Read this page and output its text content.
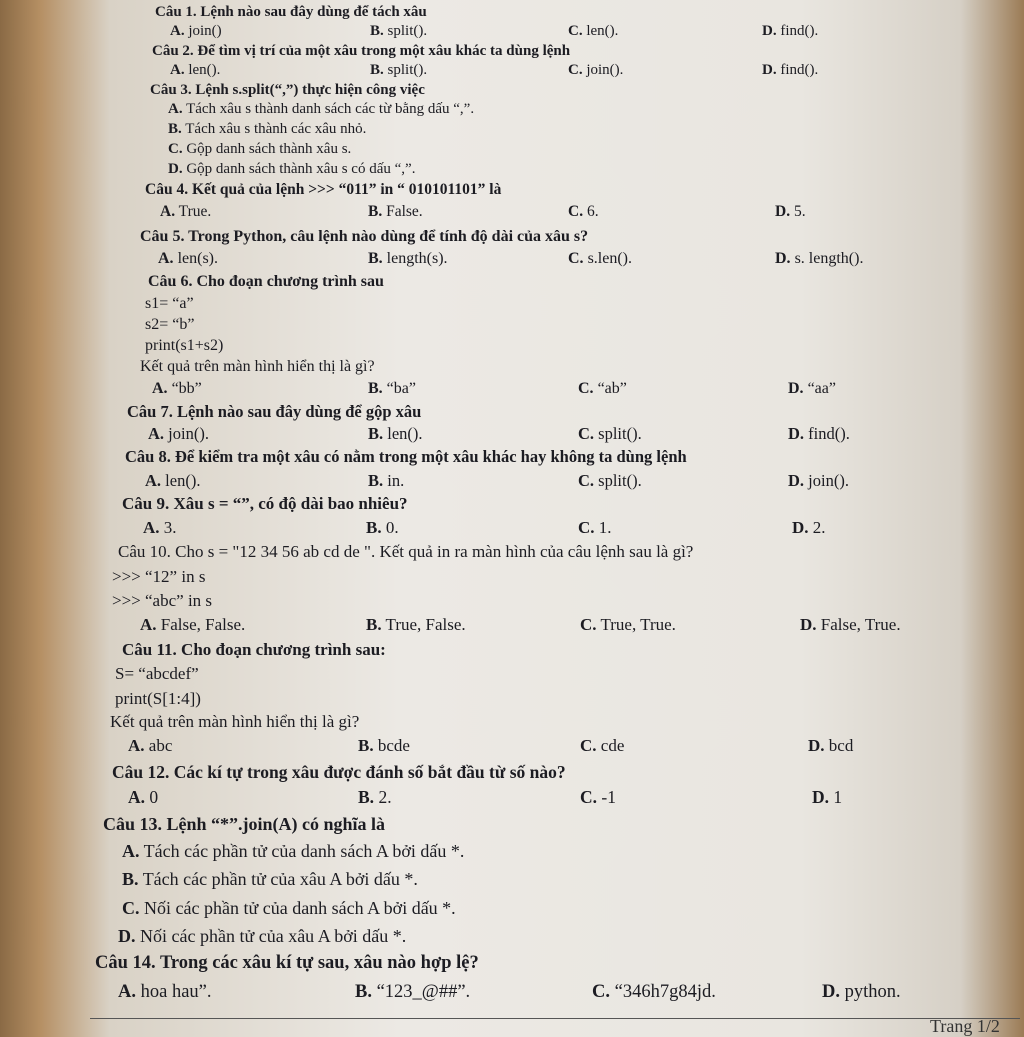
Câu 1. Lệnh nào sau đây dùng để tách xâu
A. join()	B. split().	C. len().	D. find().
Câu 2. Để tìm vị trí của một xâu trong một xâu khác ta dùng lệnh
A. len().	B. split().	C. join().	D. find().
Câu 3. Lệnh s.split(“,”) thực hiện công việc
A. Tách xâu s thành danh sách các từ bằng dấu “,”.
B. Tách xâu s thành các xâu nhỏ.
C. Gộp danh sách thành xâu s.
D. Gộp danh sách thành xâu s có dấu “,”.
Câu 4. Kết quả của lệnh >>> “011” in “ 010101101” là
A. True.	B. False.	C. 6.	D. 5.
Câu 5. Trong Python, câu lệnh nào dùng để tính độ dài của xâu s?
A. len(s).	B. length(s).	C. s.len().	D. s. length().
Câu 6. Cho đoạn chương trình sau
s1= “a”
s2= “b”
print(s1+s2)
Kết quả trên màn hình hiển thị là gì?
A. “bb”	B. “ba”	C. “ab”	D. “aa”
Câu 7. Lệnh nào sau đây dùng để gộp xâu
A. join().	B. len().	C. split().	D. find().
Câu 8. Để kiểm tra một xâu có nằm trong một xâu khác hay không ta dùng lệnh
A. len().	B. in.	C. split().	D. join().
Câu 9. Xâu s = “”, có độ dài bao nhiêu?
A. 3.	B. 0.	C. 1.	D. 2.
Câu 10. Cho s = "12 34 56 ab cd de ". Kết quả in ra màn hình của câu lệnh sau là gì?
>>> “12” in s
>>> “abc” in s
A. False, False.	B. True, False.	C. True, True.	D. False, True.
Câu 11. Cho đoạn chương trình sau:
S= “abcdef”
print(S[1:4])
Kết quả trên màn hình hiển thị là gì?
A. abc	B. bcde	C. cde	D. bcd
Câu 12. Các kí tự trong xâu được đánh số bắt đầu từ số nào?
A. 0	B. 2.	C. -1	D. 1
Câu 13. Lệnh “*”.join(A) có nghĩa là
A. Tách các phần tử của danh sách A bởi dấu *.
B. Tách các phần tử của xâu A bởi dấu *.
C. Nối các phần tử của danh sách A bởi dấu *.
D. Nối các phần tử của xâu A bởi dấu *.
Câu 14. Trong các xâu kí tự sau, xâu nào hợp lệ?
A. hoa hau”.	B. “123_@##”.	C. “346h7g84jd.	D. python.
Trang 1/2
